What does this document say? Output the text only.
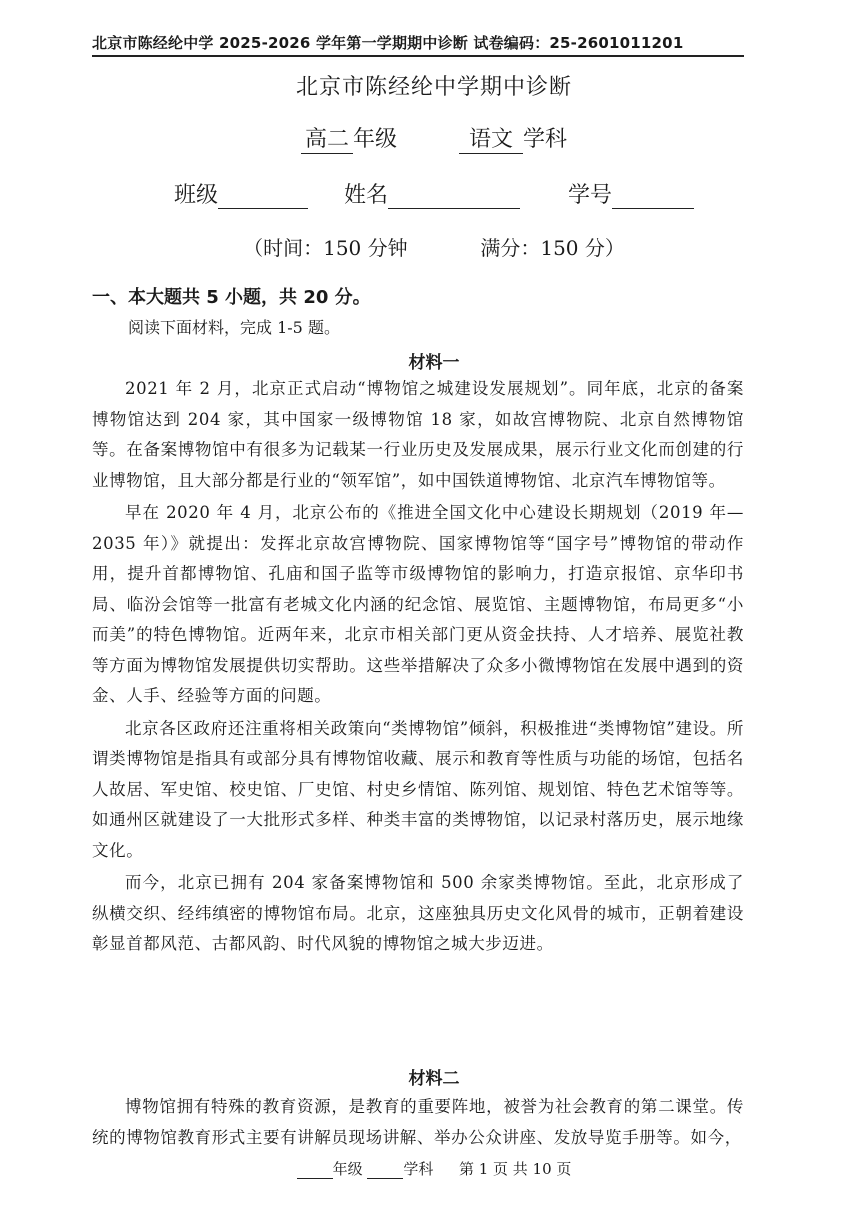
北京市陈经纶中学 2025-2026 学年第一学期期中诊断 试卷编码：25-2601011201
北京市陈经纶中学期中诊断
高二 年级	语文 学科
班级	姓名	学号
（时间：150 分钟	满分：150 分）
一、本大题共 5 小题，共 20 分。
阅读下面材料，完成 1-5 题。
材料一

2021 年 2 月，北京正式启动“博物馆之城建设发展规划”。同年底，北京的备案博物馆达到 204 家，其中国家一级博物馆 18 家，如故宫博物院、北京自然博物馆等。在备案博物馆中有很多为记载某一行业历史及发展成果，展示行业文化而创建的行业博物馆，且大部分都是行业的“领军馆”，如中国铁道博物馆、北京汽车博物馆等。

早在 2020 年 4 月，北京公布的《推进全国文化中心建设长期规划（2019 年—2035 年）》就提出：发挥北京故宫博物院、国家博物馆等“国字号”博物馆的带动作用，提升首都博物馆、孔庙和国子监等市级博物馆的影响力，打造京报馆、京华印书局、临汾会馆等一批富有老城文化内涵的纪念馆、展览馆、主题博物馆，布局更多“小而美”的特色博物馆。近两年来，北京市相关部门更从资金扶持、人才培养、展览社教等方面为博物馆发展提供切实帮助。这些举措解决了众多小微博物馆在发展中遇到的资金、人手、经验等方面的问题。

北京各区政府还注重将相关政策向“类博物馆”倾斜，积极推进“类博物馆”建设。所谓类博物馆是指具有或部分具有博物馆收藏、展示和教育等性质与功能的场馆，包括名人故居、军史馆、校史馆、厂史馆、村史乡情馆、陈列馆、规划馆、特色艺术馆等等。如通州区就建设了一大批形式多样、种类丰富的类博物馆，以记录村落历史，展示地缘文化。

而今，北京已拥有 204 家备案博物馆和 500 余家类博物馆。至此，北京形成了纵横交织、经纬缜密的博物馆布局。北京，这座独具历史文化风骨的城市，正朝着建设彰显首都风范、古都风韵、时代风貌的博物馆之城大步迈进。

材料二

博物馆拥有特殊的教育资源，是教育的重要阵地，被誉为社会教育的第二课堂。传统的博物馆教育形式主要有讲解员现场讲解、举办公众讲座、发放导览手册等。如今，

年级	学科 第 1 页 共 10 页
